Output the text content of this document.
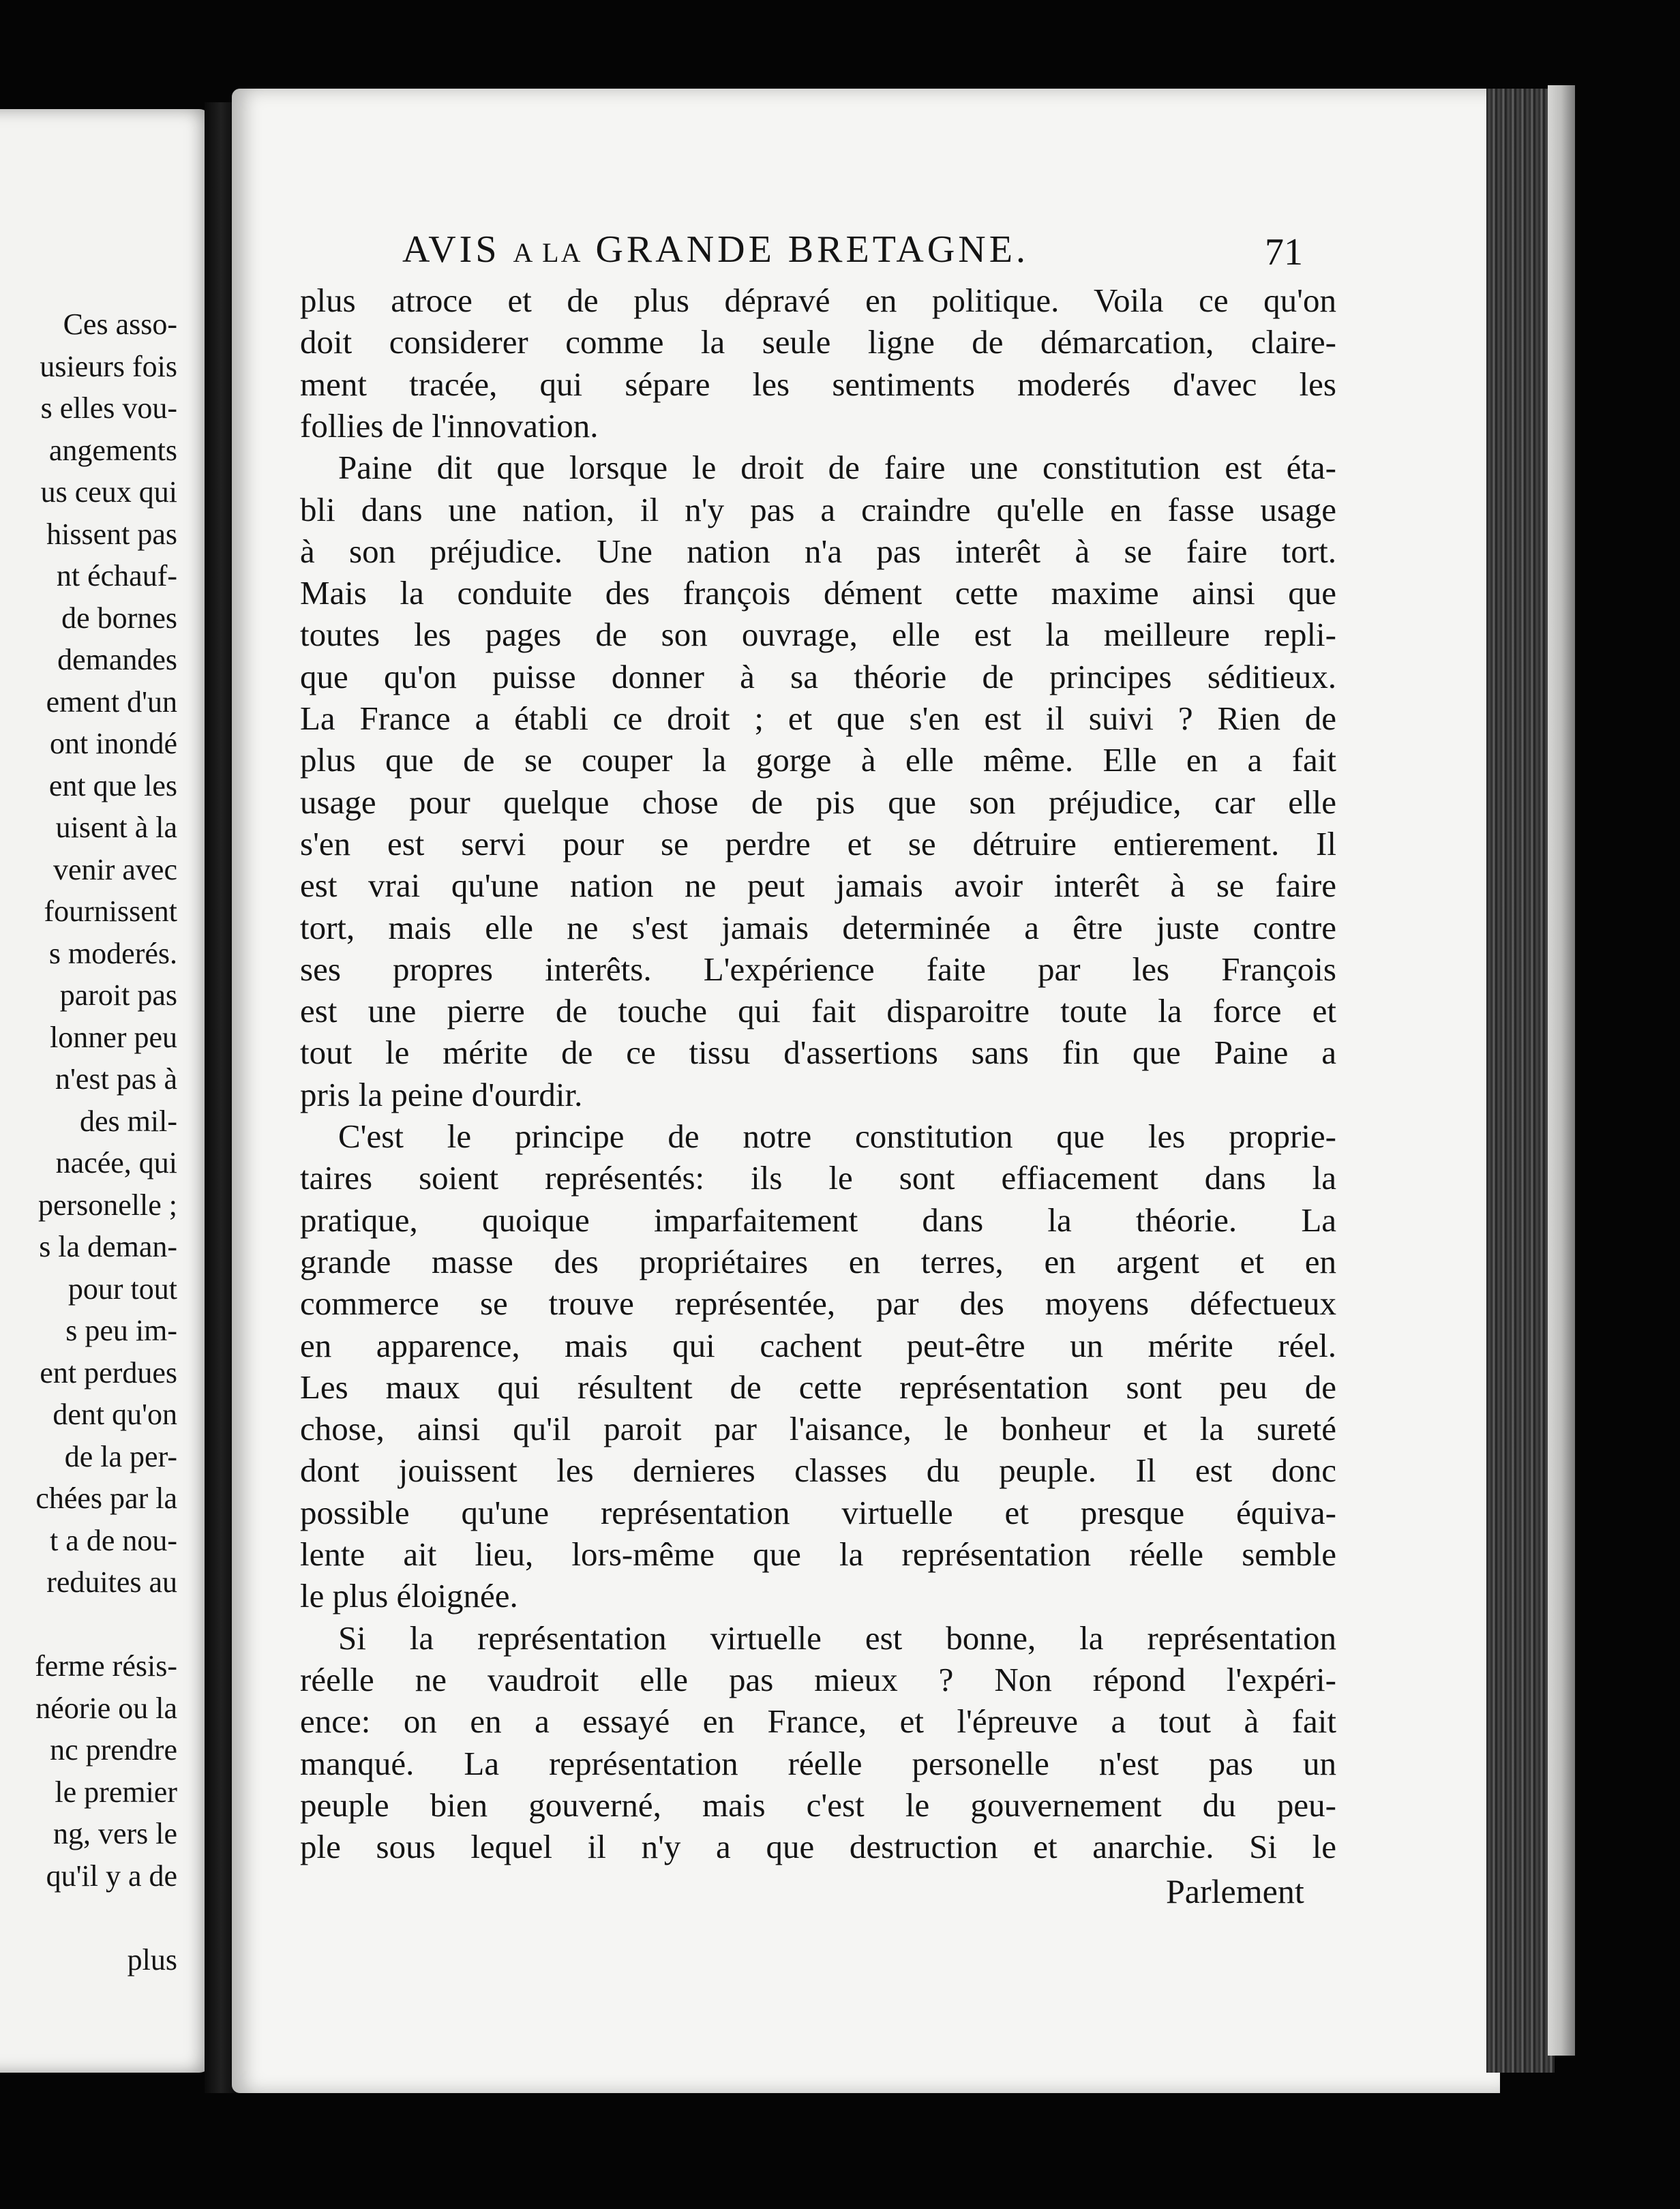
Ces asso-
usieurs fois
s elles vou-
angements
us ceux qui
hissent pas
nt échauf-
de bornes
demandes
ement d'un
ont inondé
ent que les
uisent à la
venir avec
fournissent
s moderés.
paroit pas
lonner peu
n'est pas à
des mil-
nacée, qui
personelle ;
s la deman-
pour tout
s peu im-
ent perdues
dent qu'on
de la per-
chées par la
t a de nou-
reduites au
ferme résis-
néorie ou la
nc prendre
le premier
ng, vers le
qu'il y a de
plus
AVIS A LA GRANDE BRETAGNE.	71
plus atroce et de plus dépravé en politique. Voila ce qu'on
doit considerer comme la seule ligne de démarcation, claire-
ment tracée, qui sépare les sentiments moderés d'avec les
follies de l'innovation.
Paine dit que lorsque le droit de faire une constitution est éta-
bli dans une nation, il n'y pas a craindre qu'elle en fasse usage
à son préjudice. Une nation n'a pas interêt à se faire tort.
Mais la conduite des françois dément cette maxime ainsi que
toutes les pages de son ouvrage, elle est la meilleure repli-
que qu'on puisse donner à sa théorie de principes séditieux.
La France a établi ce droit ; et que s'en est il suivi ? Rien de
plus que de se couper la gorge à elle même. Elle en a fait
usage pour quelque chose de pis que son préjudice, car elle
s'en est servi pour se perdre et se détruire entierement. Il
est vrai qu'une nation ne peut jamais avoir interêt à se faire
tort, mais elle ne s'est jamais determinée a être juste contre
ses propres interêts. L'expérience faite par les François
est une pierre de touche qui fait disparoitre toute la force et
tout le mérite de ce tissu d'assertions sans fin que Paine a
pris la peine d'ourdir.
C'est le principe de notre constitution que les proprie-
taires soient représentés: ils le sont effiacement dans la
pratique, quoique imparfaitement dans la théorie. La
grande masse des propriétaires en terres, en argent et en
commerce se trouve représentée, par des moyens défectueux
en apparence, mais qui cachent peut-être un mérite réel.
Les maux qui résultent de cette représentation sont peu de
chose, ainsi qu'il paroit par l'aisance, le bonheur et la sureté
dont jouissent les dernieres classes du peuple. Il est donc
possible qu'une représentation virtuelle et presque équiva-
lente ait lieu, lors-même que la représentation réelle semble
le plus éloignée.
Si la représentation virtuelle est bonne, la représentation
réelle ne vaudroit elle pas mieux ? Non répond l'expéri-
ence: on en a essayé en France, et l'épreuve a tout à fait
manqué. La représentation réelle personelle n'est pas un
peuple bien gouverné, mais c'est le gouvernement du peu-
ple sous lequel il n'y a que destruction et anarchie. Si le
Parlement
